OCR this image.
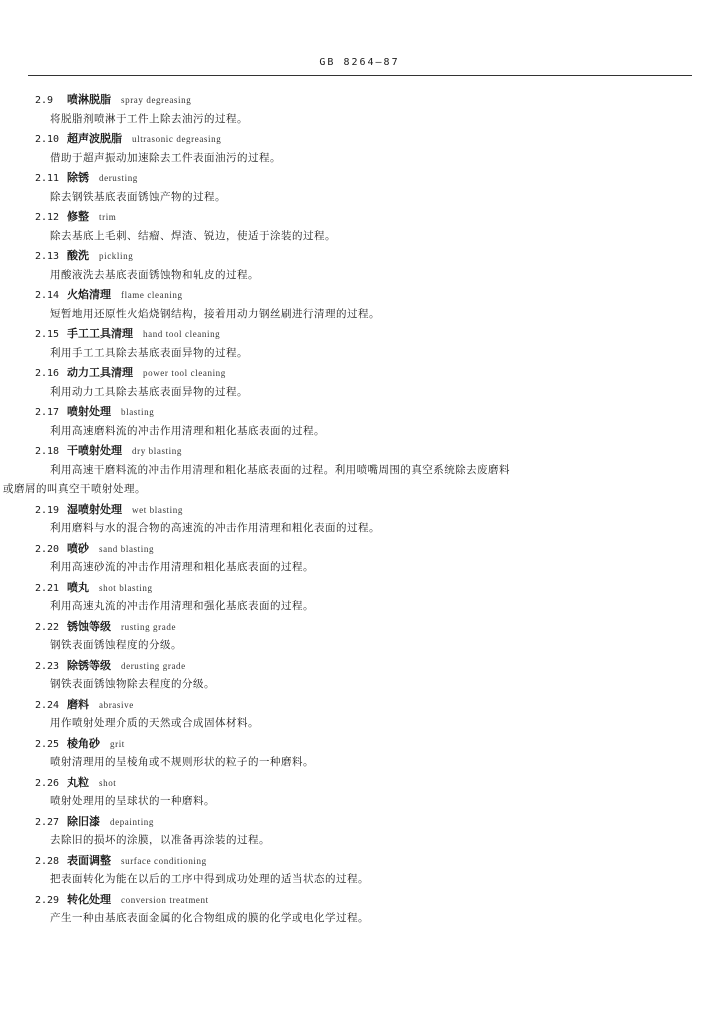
GB 8264—87
2.9 喷淋脱脂 spray degreasing
将脱脂剂喷淋于工件上除去油污的过程。
2.10 超声波脱脂 ultrasonic degreasing
借助于超声振动加速除去工件表面油污的过程。
2.11 除锈 derusting
除去钢铁基底表面锈蚀产物的过程。
2.12 修整 trim
除去基底上毛刺、结瘤、焊渣、锐边，使适于涂装的过程。
2.13 酸洗 pickling
用酸液洗去基底表面锈蚀物和轧皮的过程。
2.14 火焰清理 flame cleaning
短暂地用还原性火焰烧钢结构，接着用动力钢丝刷进行清理的过程。
2.15 手工工具清理 hand tool cleaning
利用手工工具除去基底表面异物的过程。
2.16 动力工具清理 power tool cleaning
利用动力工具除去基底表面异物的过程。
2.17 喷射处理 blasting
利用高速磨料流的冲击作用清理和粗化基底表面的过程。
2.18 干喷射处理 dry blasting
利用高速干磨料流的冲击作用清理和粗化基底表面的过程。利用喷嘴周围的真空系统除去废磨料
或磨屑的叫真空干喷射处理。
2.19 湿喷射处理 wet blasting
利用磨料与水的混合物的高速流的冲击作用清理和粗化表面的过程。
2.20 喷砂 sand blasting
利用高速砂流的冲击作用清理和粗化基底表面的过程。
2.21 喷丸 shot blasting
利用高速丸流的冲击作用清理和强化基底表面的过程。
2.22 锈蚀等级 rusting grade
钢铁表面锈蚀程度的分级。
2.23 除锈等级 derusting grade
钢铁表面锈蚀物除去程度的分级。
2.24 磨料 abrasive
用作喷射处理介质的天然或合成固体材料。
2.25 棱角砂 grit
喷射清理用的呈棱角或不规则形状的粒子的一种磨料。
2.26 丸粒 shot
喷射处理用的呈球状的一种磨料。
2.27 除旧漆 depainting
去除旧的损坏的涂膜，以准备再涂装的过程。
2.28 表面调整 surface conditioning
把表面转化为能在以后的工序中得到成功处理的适当状态的过程。
2.29 转化处理 conversion treatment
产生一种由基底表面金属的化合物组成的膜的化学或电化学过程。
